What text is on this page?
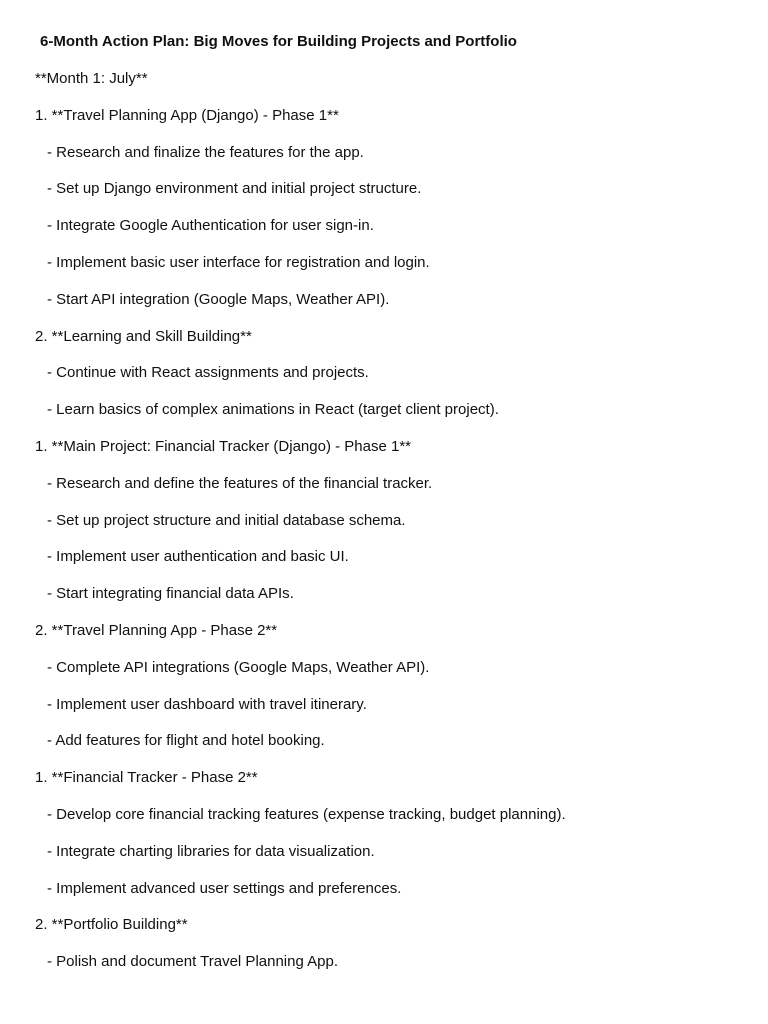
6-Month Action Plan: Big Moves for Building Projects and Portfolio
**Month 1: July**
1. **Travel Planning App (Django) - Phase 1**
- Research and finalize the features for the app.
- Set up Django environment and initial project structure.
- Integrate Google Authentication for user sign-in.
- Implement basic user interface for registration and login.
- Start API integration (Google Maps, Weather API).
2. **Learning and Skill Building**
- Continue with React assignments and projects.
- Learn basics of complex animations in React (target client project).
1. **Main Project: Financial Tracker (Django) - Phase 1**
- Research and define the features of the financial tracker.
- Set up project structure and initial database schema.
- Implement user authentication and basic UI.
- Start integrating financial data APIs.
2. **Travel Planning App - Phase 2**
- Complete API integrations (Google Maps, Weather API).
- Implement user dashboard with travel itinerary.
- Add features for flight and hotel booking.
1. **Financial Tracker - Phase 2**
- Develop core financial tracking features (expense tracking, budget planning).
- Integrate charting libraries for data visualization.
- Implement advanced user settings and preferences.
2. **Portfolio Building**
- Polish and document Travel Planning App.
